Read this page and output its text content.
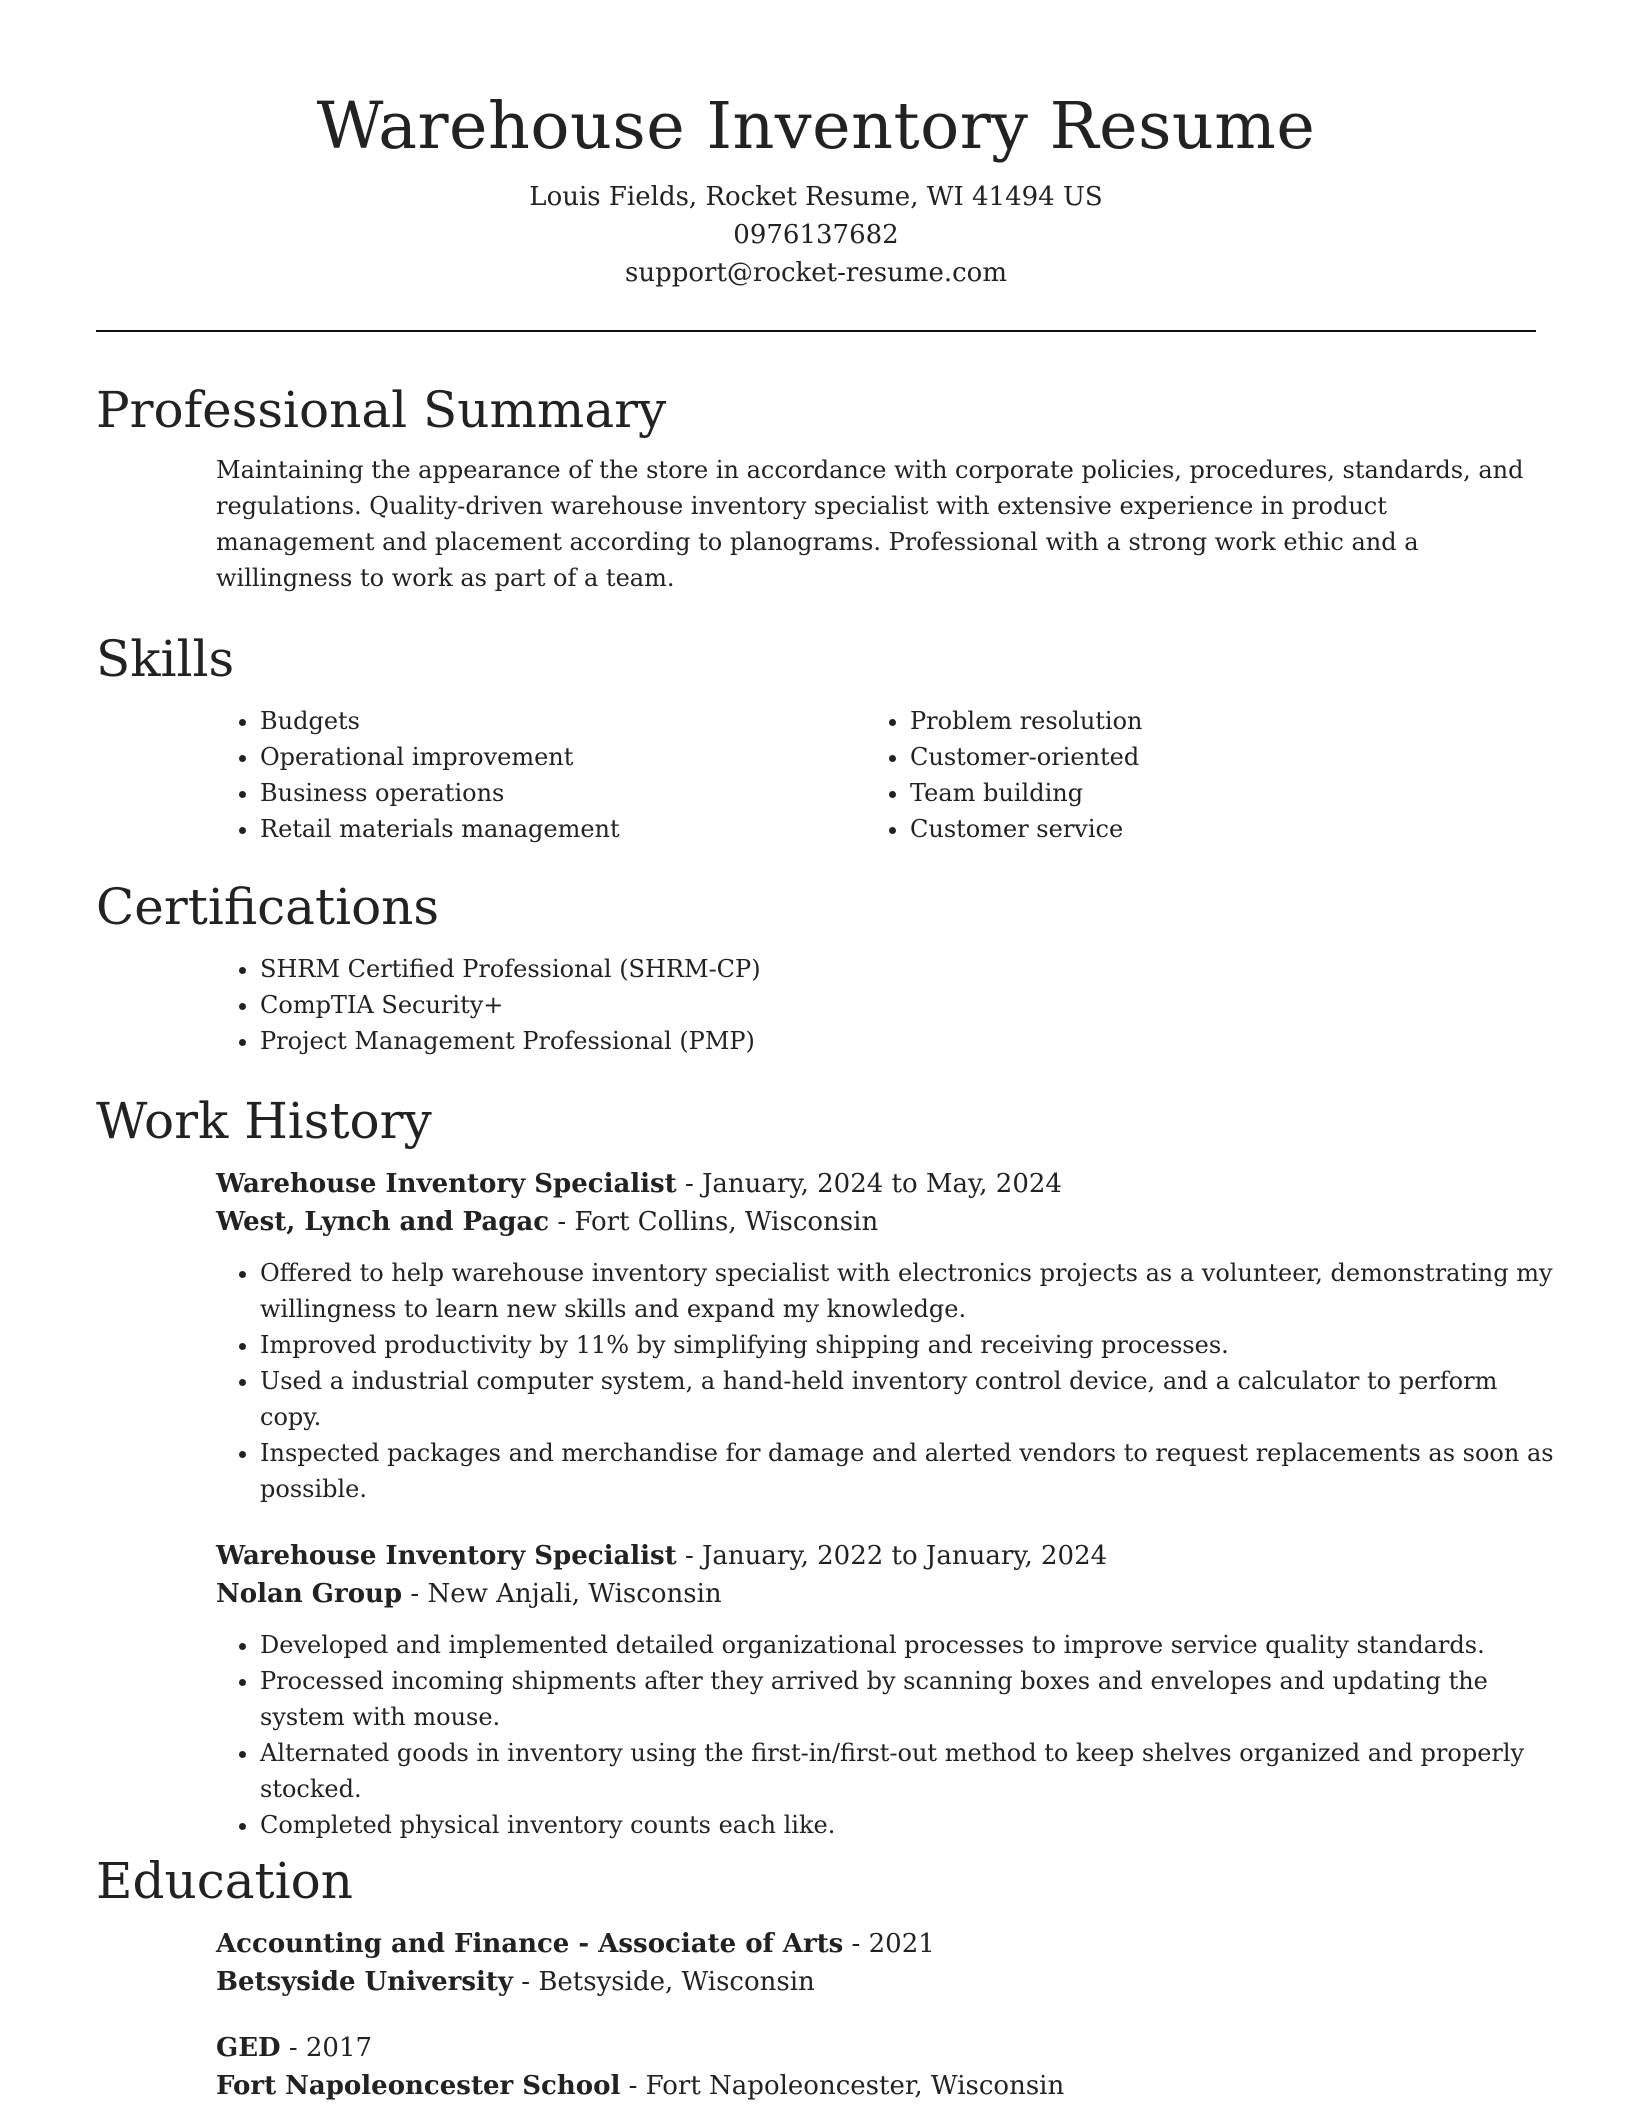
Warehouse Inventory Resume

Louis Fields, Rocket Resume, WI 41494 US

0976137682

support@rocket-resume.com

Professional Summary

Maintaining the appearance of the store in accordance with corporate policies, procedures, standards, and regulations. Quality-driven warehouse inventory specialist with extensive experience in product management and placement according to planograms. Professional with a strong work ethic and a willingness to work as part of a team.

Skills
• Budgets
• Operational improvement
• Business operations
• Retail materials management
• Problem resolution
• Customer-oriented
• Team building
• Customer service
Certifications
• SHRM Certified Professional (SHRM-CP)
• CompTIA Security+
• Project Management Professional (PMP)
Work History

Warehouse Inventory Specialist - January, 2024 to May, 2024

West, Lynch and Pagac - Fort Collins, Wisconsin

• Offered to help warehouse inventory specialist with electronics projects as a volunteer, demonstrating my willingness to learn new skills and expand my knowledge.
• Improved productivity by 11% by simplifying shipping and receiving processes.
• Used a industrial computer system, a hand-held inventory control device, and a calculator to perform copy.
• Inspected packages and merchandise for damage and alerted vendors to request replacements as soon as possible.

Warehouse Inventory Specialist - January, 2022 to January, 2024

Nolan Group - New Anjali, Wisconsin

• Developed and implemented detailed organizational processes to improve service quality standards.
• Processed incoming shipments after they arrived by scanning boxes and envelopes and updating the system with mouse.
• Alternated goods in inventory using the first-in/first-out method to keep shelves organized and properly stocked.
• Completed physical inventory counts each like.
Education

Accounting and Finance - Associate of Arts - 2021

Betsyside University - Betsyside, Wisconsin

GED - 2017

Fort Napoleoncester School - Fort Napoleoncester, Wisconsin
